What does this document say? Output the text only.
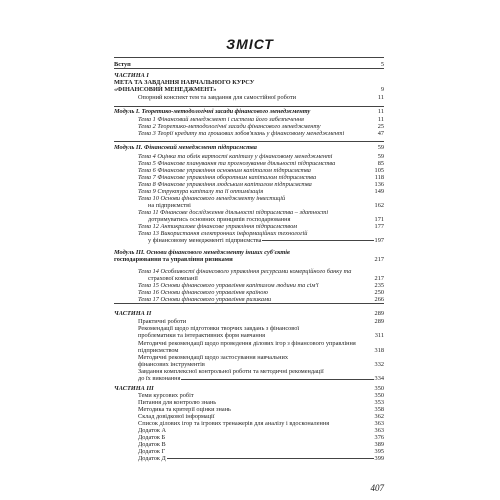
ЗМІСТ
Вступ	5
ЧАСТИНА І
МЕТА ТА ЗАВДАННЯ НАВЧАЛЬНОГО КУРСУ
«ФІНАНСОВИЙ МЕНЕДЖМЕНТ»	9
Опорний конспект тем та завдання для самостійної роботи	11
Модуль І. Теоретико-методологічні засади фінансового менеджменту	11
Тема 1 Фінансовий менеджмент і система його забезпечення	11
Тема 2 Теоретико-методологічні засади фінансового менеджменту	25
Тема 3 Теорії кредиту та грошових зобов'язань у фінансовому менеджменті	47
Модуль II. Фінансовий менеджмент підприємства	59
Тема 4 Оцінка та облік вартості капіталу у фінансовому менеджменті	59
Тема 5 Фінансове планування та прогнозування діяльності підприємства	85
Тема 6 Фінансове управління основним капіталом підприємства	105
Тема 7 Фінансове управління оборотним капіталом підприємства	118
Тема 8 Фінансове управління людським капіталом підприємства	136
Тема 9 Структура капіталу та її оптимізація	149
Тема 10 Основи фінансового менеджменту інвестицій
на підприємстві	162
Тема 11 Фінансове дослідження діяльності підприємства – здатності
дотримуватись основних принципів господарювання	171
Тема 12 Антикризове фінансове управління підприємством	177
Тема 13 Використання електронних інформаційних технологій
у фінансовому менеджменті підприємства	197
Модуль III. Основи фінансового менеджменту інших суб'єктів
господарювання та управління ризиками	217
Тема 14 Особливості фінансового управління ресурсами комерційного банку та
страхової компанії	217
Тема 15 Основи фінансового управління капіталом людини та сім'ї	235
Тема 16 Основи фінансового управління країною	250
Тема 17 Основи фінансового управління ризиками	266
ЧАСТИНА ІІ	289
Практичні роботи	289
Рекомендації щодо підготовки творчих завдань з фінансової
проблематики та інтерактивних форм навчання	311
Методичні рекомендації щодо проведення ділових ігор з фінансового управління
підприємством	318
Методичні рекомендації щодо застосування навчальних
фінансових інструментів	332
Завдання комплексної контрольної роботи та методичні рекомендації
до їх виконання	334
ЧАСТИНА ІІІ	350
Теми курсових робіт	350
Питання для контролю знань	353
Методика та критерії оцінки знань	358
Склад довідкової інформації	362
Список ділових ігор та ігрових тренажерів для аналізу і вдосконалення	363
Додаток А	363
Додаток Б	376
Додаток В	389
Додаток Г	395
Додаток Д	399
407
